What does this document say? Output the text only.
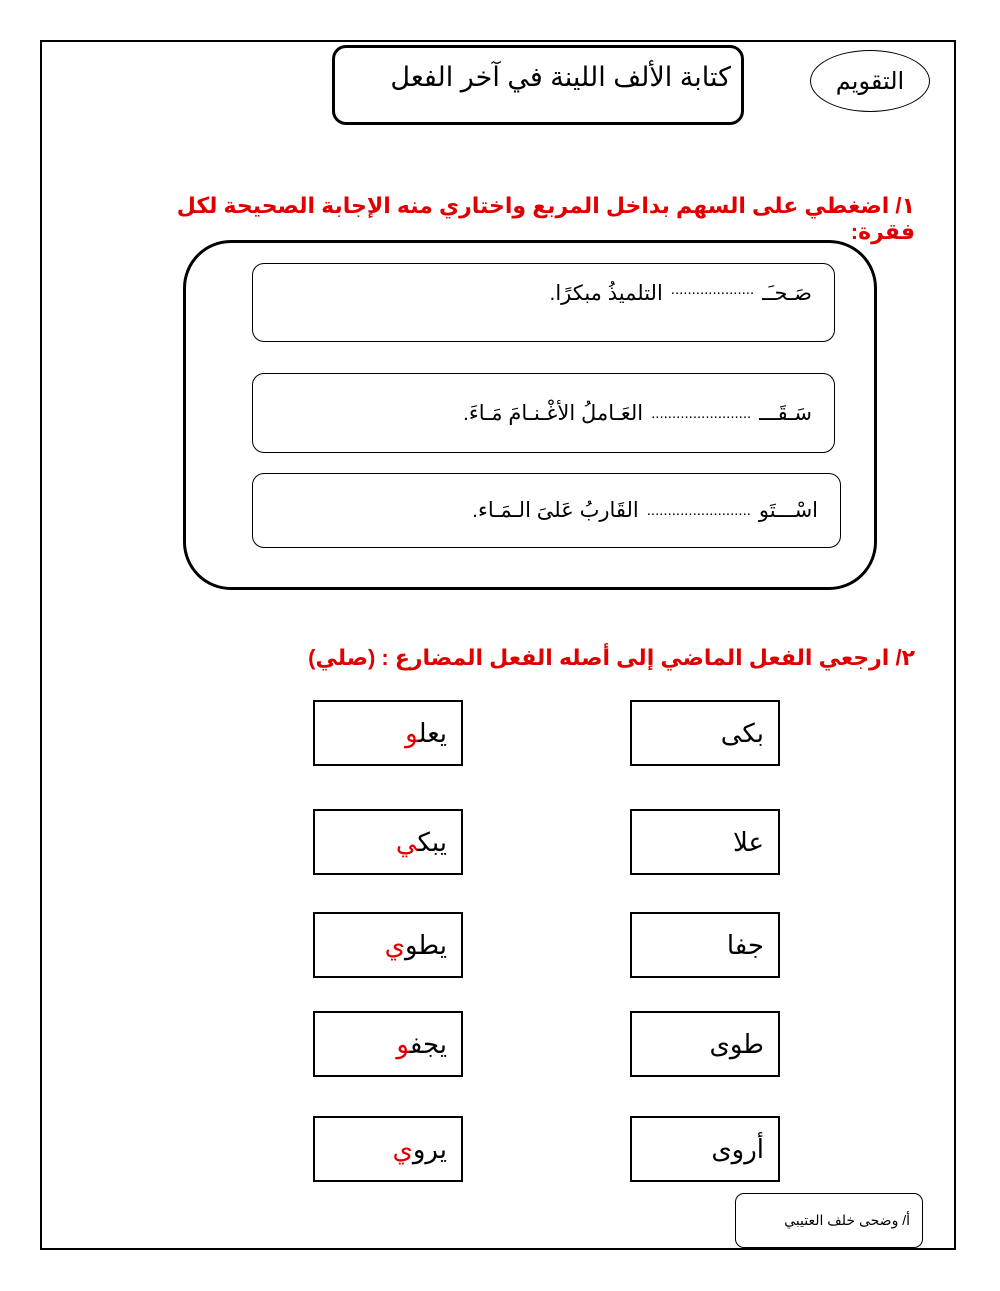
التقويم
كتابة الألف اللينة في آخر الفعل
١/ اضغطي على السهم بداخل المربع واختاري منه الإجابة الصحيحة لكل فقرة:
صَـحـَـ
....................
التلميذُ مبكرًا.
سَـقَـــ
........................
العَـاملُ الأغْـنـامَ مَـاءَ.
اسْـــتَو
.........................
القَاربُ عَلىَ الـمَـاء.
٢/ ارجعي الفعل الماضي إلى أصله الفعل المضارع : (صلي)
بكى
علا
جفا
طوى
أروى
يعلو
يبكي
يطوي
يجفو
يروي
أ/ وضحى خلف العتيبي
